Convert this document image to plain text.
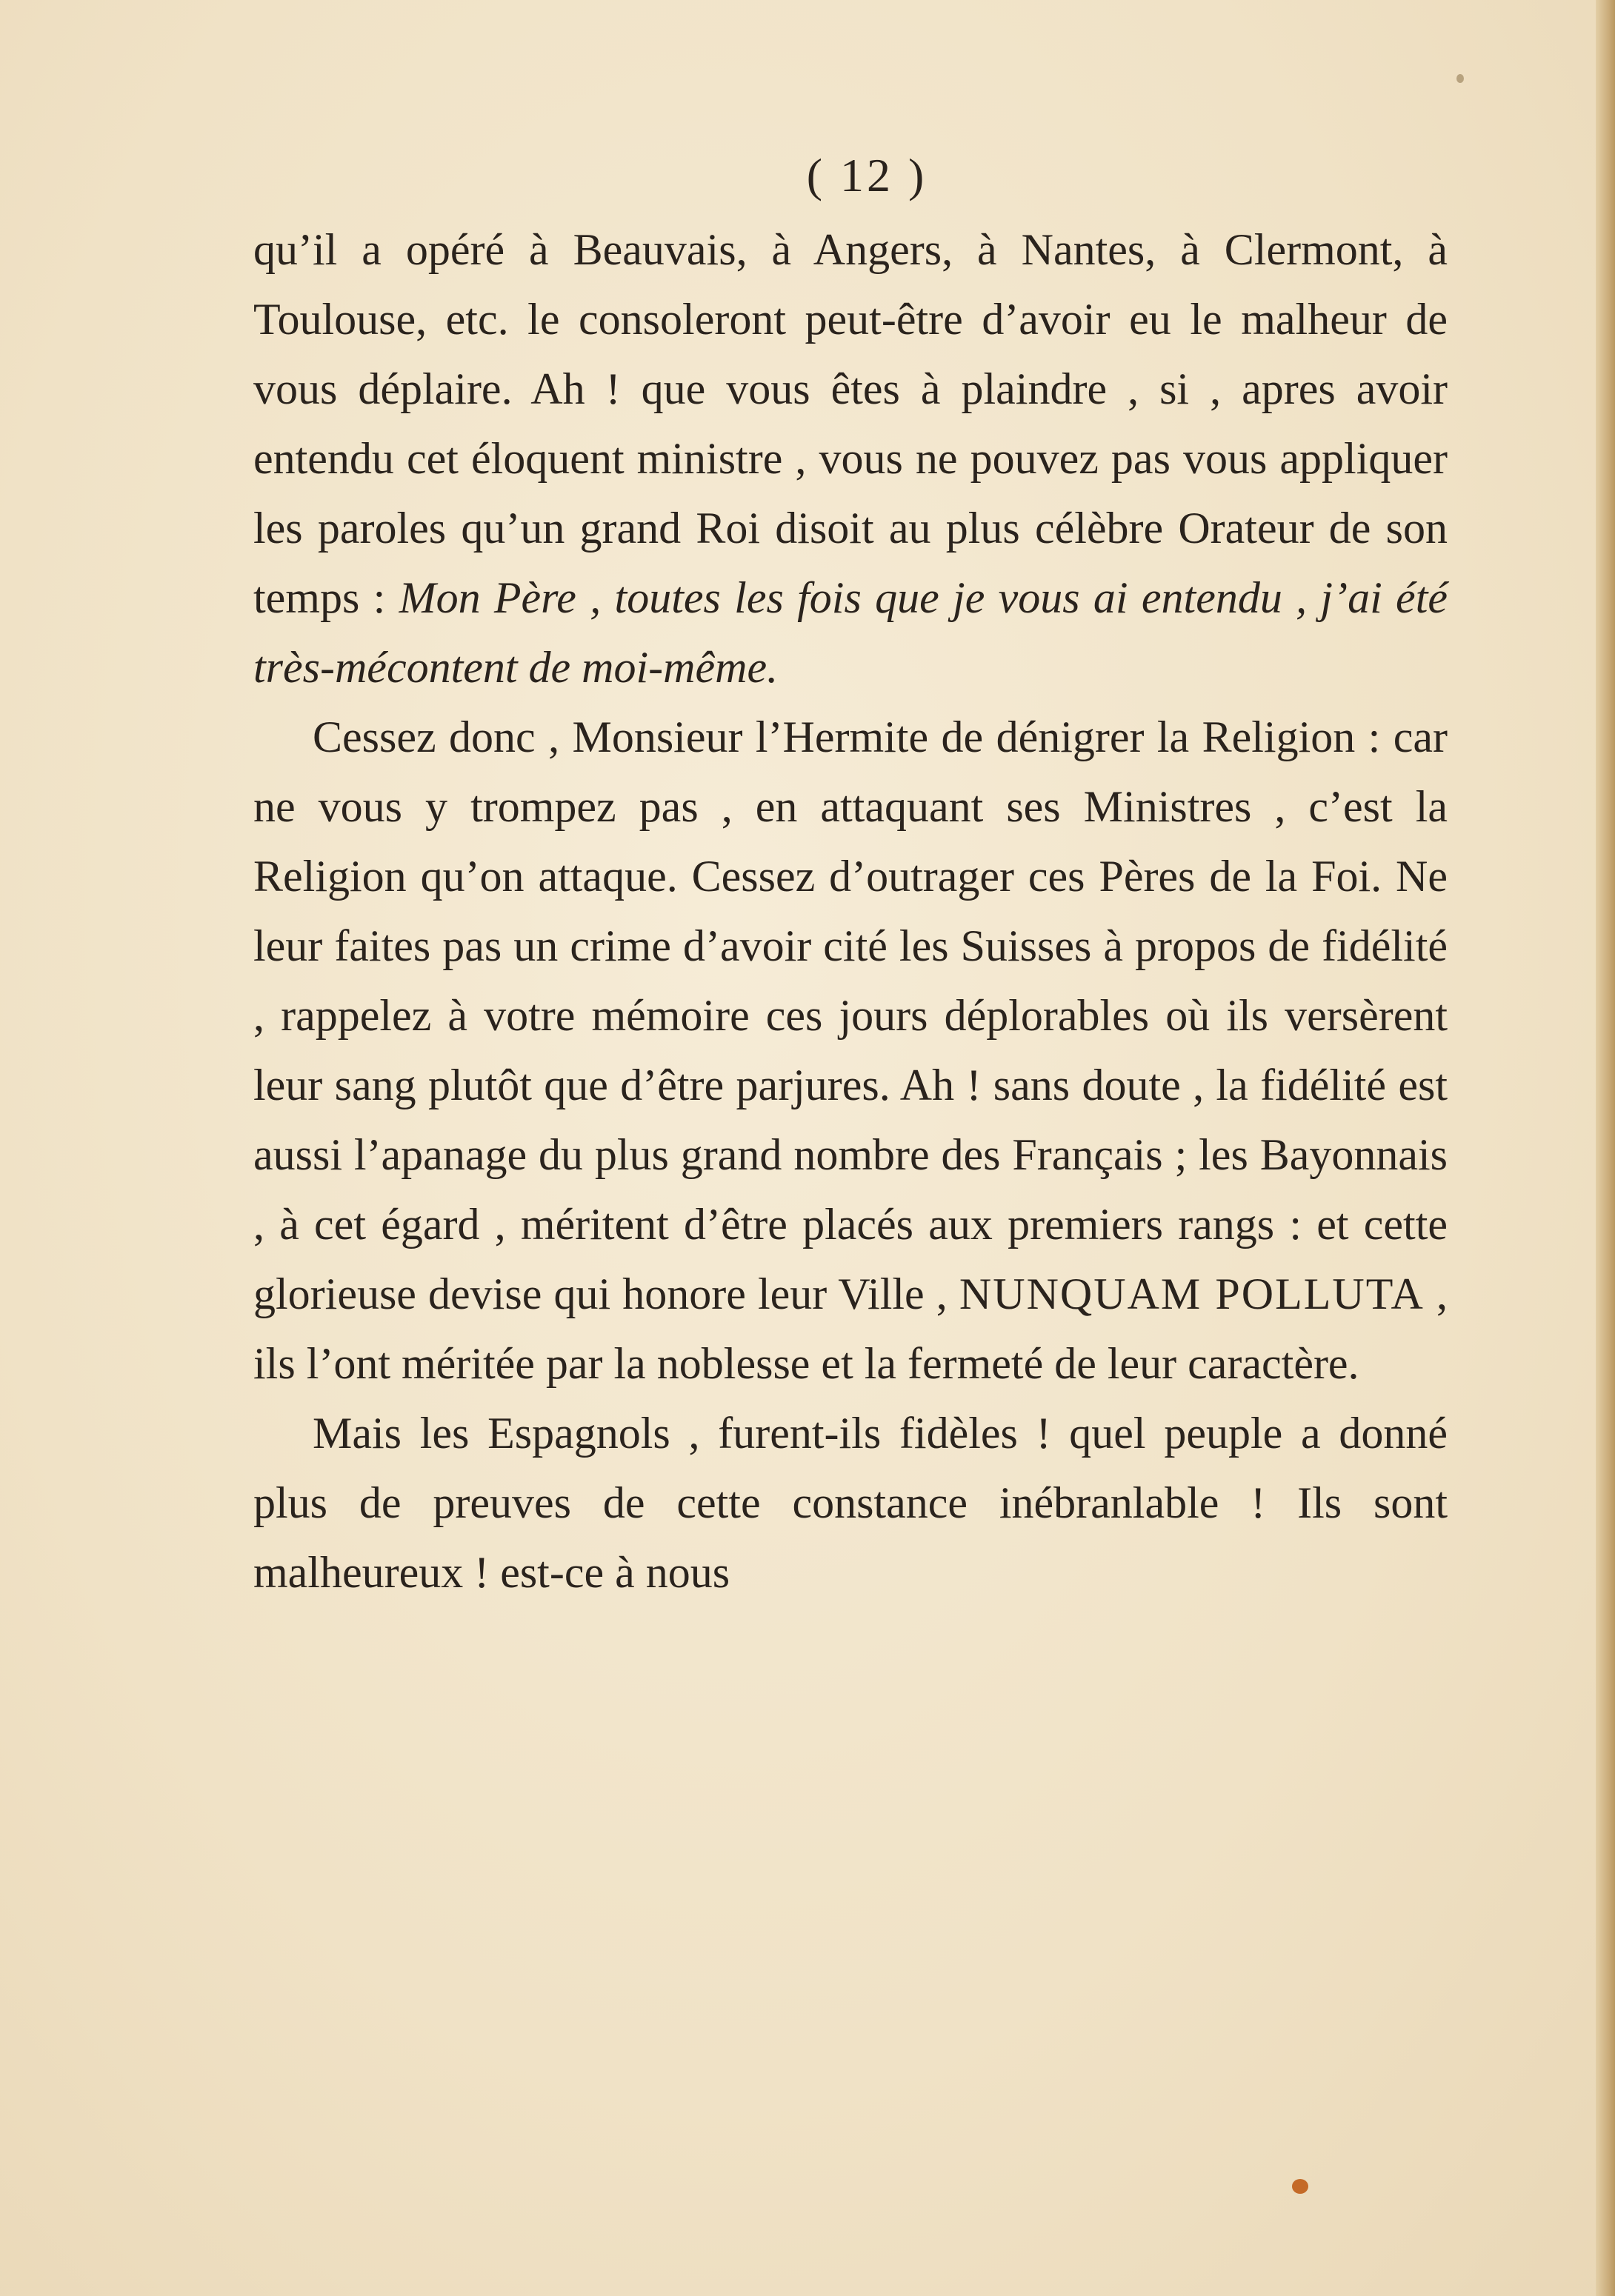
( 12 )

qu’il a opéré à Beauvais, à Angers, à Nantes, à Clermont, à Toulouse, etc. le consoleront peut-être d’avoir eu le malheur de vous déplaire. Ah ! que vous êtes à plaindre , si , apres avoir entendu cet éloquent ministre , vous ne pouvez pas vous appliquer les paroles qu’un grand Roi disoit au plus célèbre Orateur de son temps : Mon Père , toutes les fois que je vous ai entendu , j’ai été très-mécontent de moi-même.

Cessez donc , Monsieur l’Hermite de dénigrer la Religion : car ne vous y trompez pas , en attaquant ses Ministres , c’est la Religion qu’on attaque. Cessez d’outrager ces Pères de la Foi. Ne leur faites pas un crime d’avoir cité les Suisses à propos de fidélité , rappelez à votre mémoire ces jours déplorables où ils versèrent leur sang plutôt que d’être parjures. Ah ! sans doute , la fidélité est aussi l’apanage du plus grand nombre des Français ; les Bayonnais , à cet égard , méritent d’être placés aux premiers rangs : et cette glorieuse devise qui honore leur Ville , NUNQUAM POLLUTA , ils l’ont méritée par la noblesse et la fermeté de leur caractère.

Mais les Espagnols , furent-ils fidèles ! quel peuple a donné plus de preuves de cette constance inébranlable ! Ils sont malheureux ! est-ce à nous
